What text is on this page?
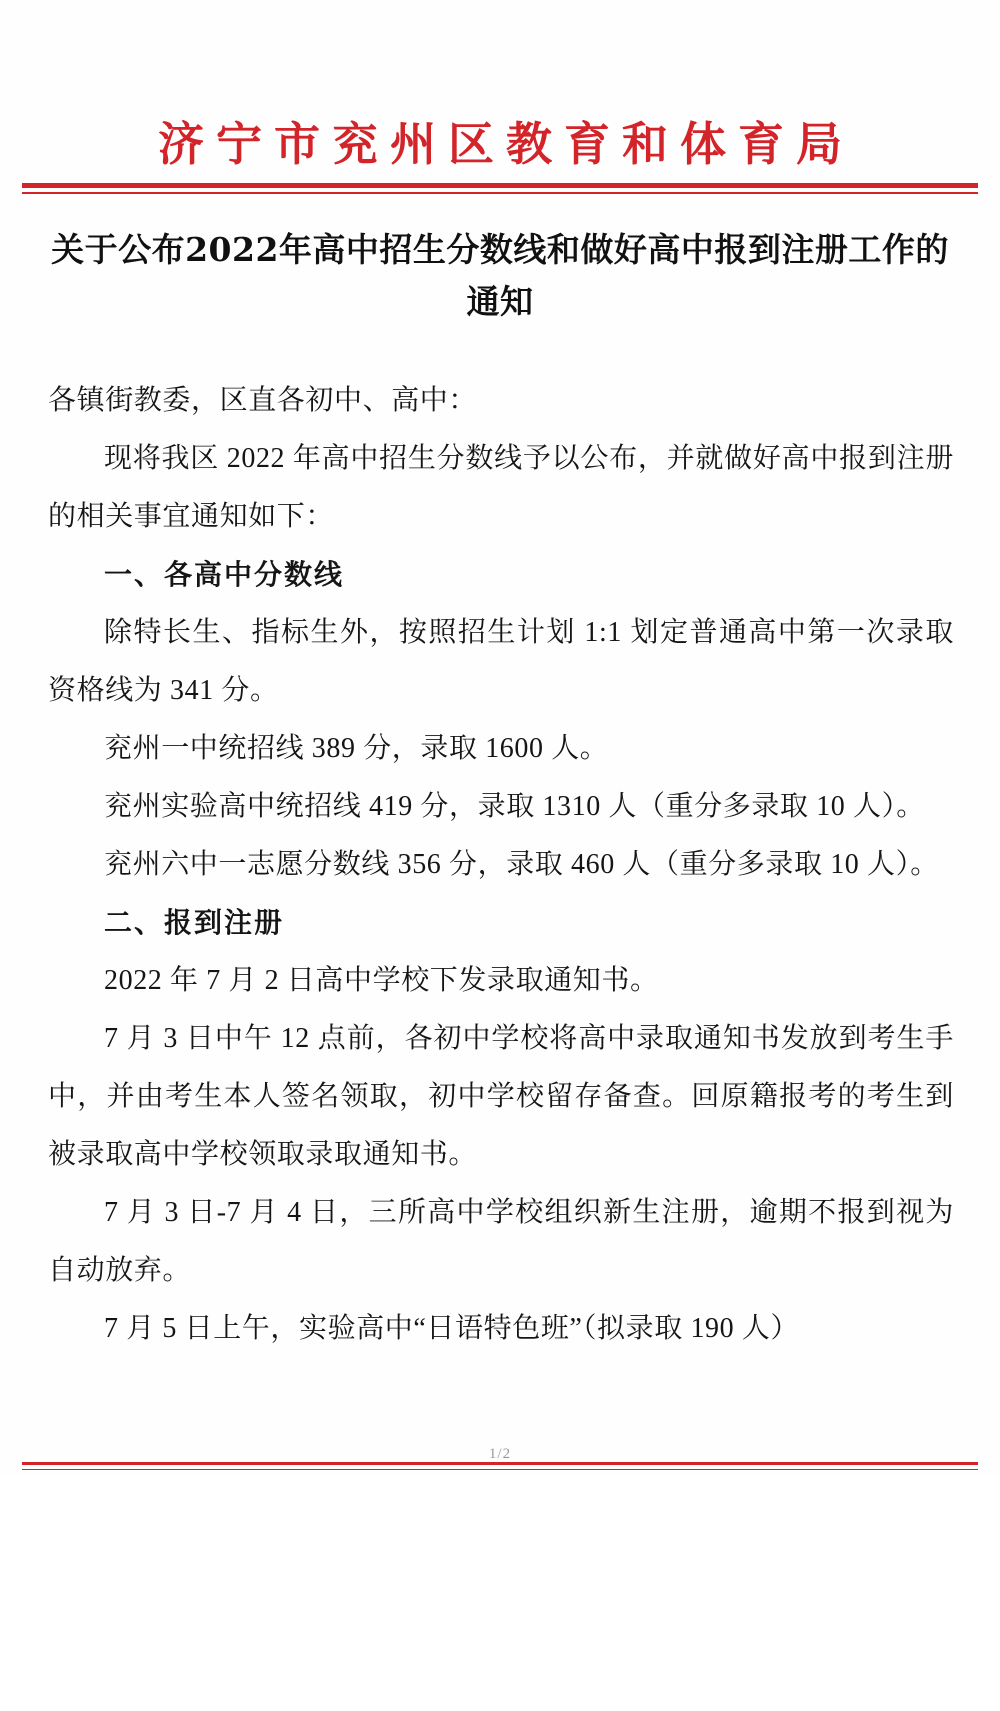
济宁市兖州区教育和体育局
关于公布2022年高中招生分数线和做好高中报到注册工作的通知

各镇街教委，区直各初中、高中：

现将我区 2022 年高中招生分数线予以公布，并就做好高中报到注册的相关事宜通知如下：

一、各高中分数线

除特长生、指标生外，按照招生计划 1:1 划定普通高中第一次录取资格线为 341 分。

兖州一中统招线 389 分，录取 1600 人。

兖州实验高中统招线 419 分，录取 1310 人（重分多录取 10 人）。

兖州六中一志愿分数线 356 分，录取 460 人（重分多录取 10 人）。

二、报到注册

2022 年 7 月 2 日高中学校下发录取通知书。

7 月 3 日中午 12 点前，各初中学校将高中录取通知书发放到考生手中，并由考生本人签名领取，初中学校留存备查。回原籍报考的考生到被录取高中学校领取录取通知书。

7 月 3 日-7 月 4 日，三所高中学校组织新生注册，逾期不报到视为自动放弃。

7 月 5 日上午，实验高中“日语特色班”（拟录取 190 人）

1/2
